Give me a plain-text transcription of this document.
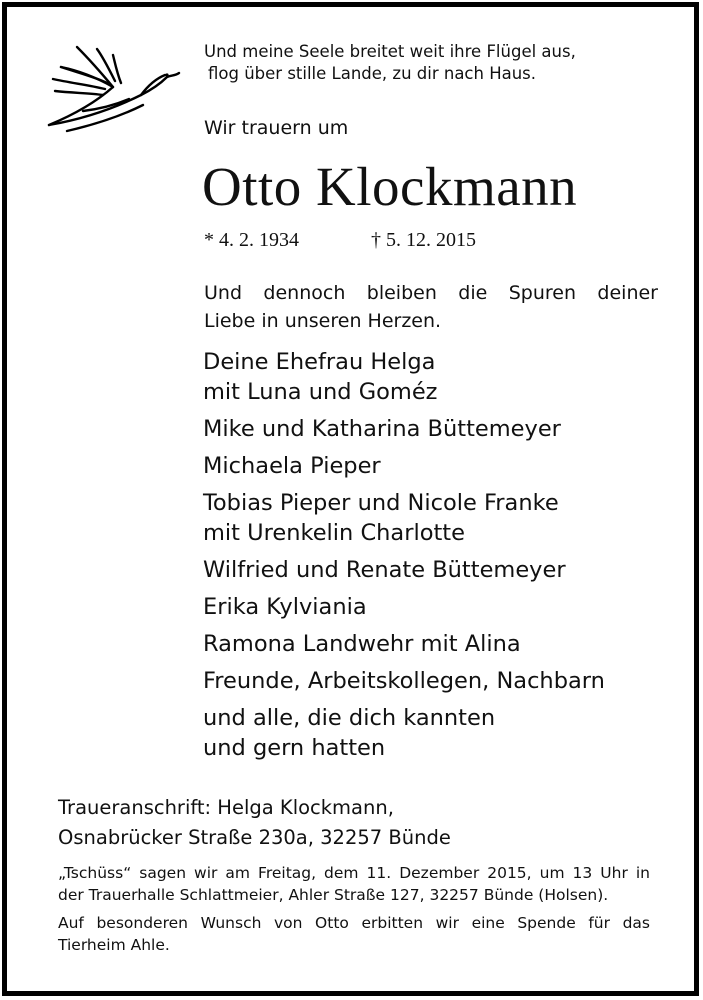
Und meine Seele breitet weit ihre Flügel aus,
flog über stille Lande, zu dir nach Haus.
Wir trauern um
Otto Klockmann
* 4. 2. 1934	† 5. 12. 2015
Und dennoch bleiben die Spuren deiner
Liebe in unseren Herzen.
Deine Ehefrau Helga
mit Luna und Goméz
Mike und Katharina Büttemeyer
Michaela Pieper
Tobias Pieper und Nicole Franke
mit Urenkelin Charlotte
Wilfried und Renate Büttemeyer
Erika Kylviania
Ramona Landwehr mit Alina
Freunde, Arbeitskollegen, Nachbarn
und alle, die dich kannten
und gern hatten
Traueranschrift: Helga Klockmann,
Osnabrücker Straße 230a, 32257 Bünde
„Tschüss“ sagen wir am Freitag, dem 11. Dezember 2015, um 13 Uhr in
der Trauerhalle Schlattmeier, Ahler Straße 127, 32257 Bünde (Holsen).
Auf besonderen Wunsch von Otto erbitten wir eine Spende für das
Tierheim Ahle.
